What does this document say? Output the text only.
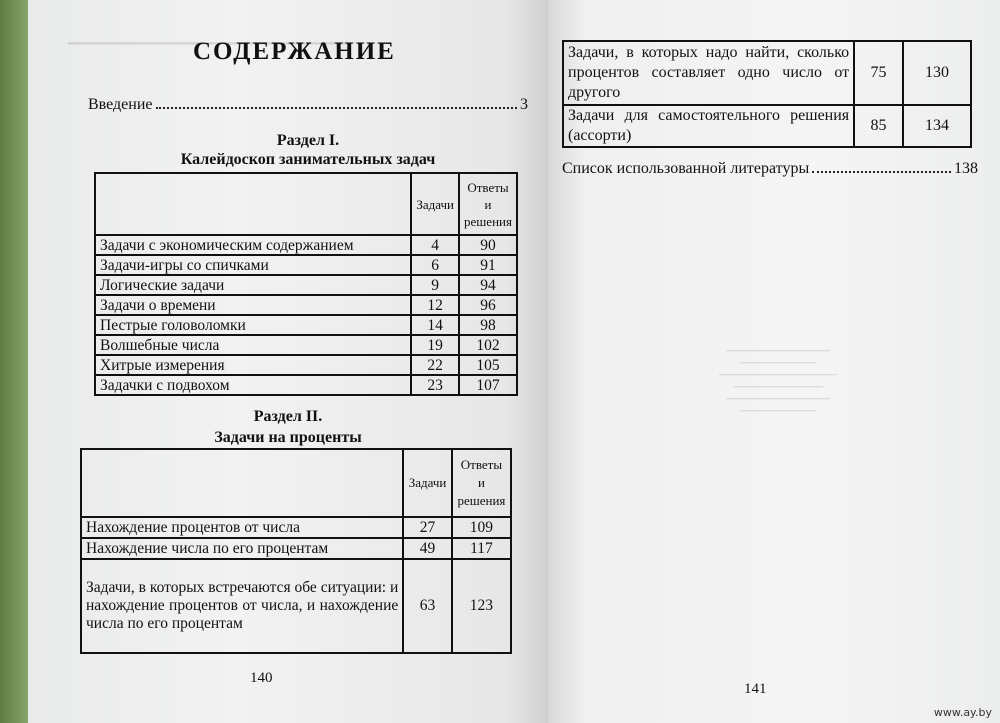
▁▁▁▁▁▁▁▁▁▁▁▁▁▁▁▁▁▁▁▁▁▁▁▁▁▁
СОДЕРЖАНИЕ
Введение	3
Раздел I.
Калейдоскоп занимательных задач
	Задачи	Ответы и решения
Задачи с экономическим содержанием	4	90
Задачи-игры со спичками	6	91
Логические задачи	9	94
Задачи о времени	12	96
Пестрые головоломки	14	98
Волшебные числа	19	102
Хитрые измерения	22	105
Задачки с подвохом	23	107
Раздел II.
Задачи на проценты
	Задачи	Ответы и решения
Нахождение процентов от числа	27	109
Нахождение числа по его процентам	49	117
Задачи, в которых встречаются обе ситуации: и нахождение процентов от числа, и нахождение числа по его процентам	63	123
140
Задачи, в которых надо найти, сколько процентов составляет одно число от другого	75	130
Задачи для самостоятельного решения (ассорти)	85	134
Список использованной литературы	138
▁▁▁▁▁▁▁▁▁▁▁▁▁▁▁
▁▁▁▁▁▁▁▁▁▁▁
▁▁▁▁▁▁▁▁▁▁▁▁▁▁▁▁▁
▁▁▁▁▁▁▁▁▁▁▁▁▁
▁▁▁▁▁▁▁▁▁▁▁▁▁▁▁
▁▁▁▁▁▁▁▁▁▁▁
141
www.ay.by
